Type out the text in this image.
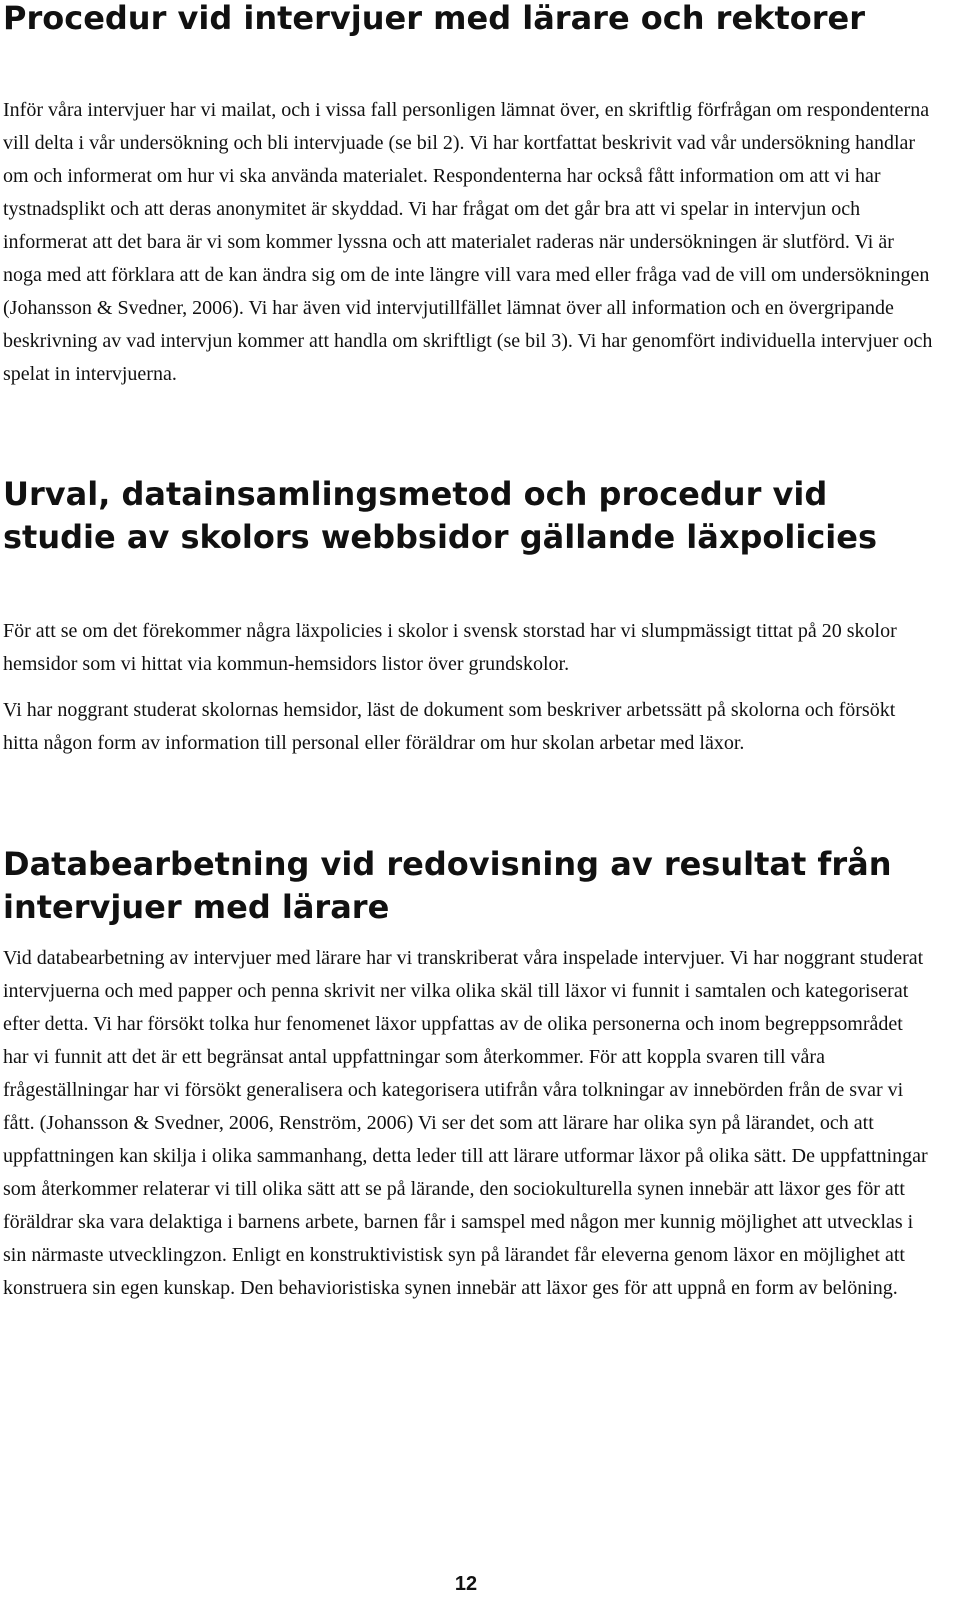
Procedur vid intervjuer med lärare och rektorer

Inför våra intervjuer har vi mailat, och i vissa fall personligen lämnat över, en skriftlig förfrågan om respondenterna vill delta i vår undersökning och bli intervjuade (se bil 2). Vi har kortfattat beskrivit vad vår undersökning handlar om och informerat om hur vi ska använda materialet. Respondenterna har också fått information om att vi har tystnadsplikt och att deras anonymitet är skyddad. Vi har frågat om det går bra att vi spelar in intervjun och informerat att det bara är vi som kommer lyssna och att materialet raderas när undersökningen är slutförd. Vi är noga med att förklara att de kan ändra sig om de inte längre vill vara med eller fråga vad de vill om undersökningen (Johansson & Svedner, 2006). Vi har även vid intervjutillfället lämnat över all information och en övergripande beskrivning av vad intervjun kommer att handla om skriftligt (se bil 3). Vi har genomfört individuella intervjuer och spelat in intervjuerna.

Urval, datainsamlingsmetod och procedur vid studie av skolors webbsidor gällande läxpolicies

För att se om det förekommer några läxpolicies i skolor i svensk storstad har vi slumpmässigt tittat på 20 skolor hemsidor som vi hittat via kommun-hemsidors listor över grundskolor.

Vi har noggrant studerat skolornas hemsidor, läst de dokument som beskriver arbetssätt på skolorna och försökt hitta någon form av information till personal eller föräldrar om hur skolan arbetar med läxor.

Databearbetning vid redovisning av resultat från intervjuer med lärare

Vid databearbetning av intervjuer med lärare har vi transkriberat våra inspelade intervjuer. Vi har noggrant studerat intervjuerna och med papper och penna skrivit ner vilka olika skäl till läxor vi funnit i samtalen och kategoriserat efter detta. Vi har försökt tolka hur fenomenet läxor uppfattas av de olika personerna och inom begreppsområdet har vi funnit att det är ett begränsat antal uppfattningar som återkommer. För att koppla svaren till våra frågeställningar har vi försökt generalisera och kategorisera utifrån våra tolkningar av innebörden från de svar vi fått. (Johansson & Svedner, 2006, Renström, 2006) Vi ser det som att lärare har olika syn på lärandet, och att uppfattningen kan skilja i olika sammanhang, detta leder till att lärare utformar läxor på olika sätt. De uppfattningar som återkommer relaterar vi till olika sätt att se på lärande, den sociokulturella synen innebär att läxor ges för att föräldrar ska vara delaktiga i barnens arbete, barnen får i samspel med någon mer kunnig möjlighet att utvecklas i sin närmaste utvecklingzon. Enligt en konstruktivistisk syn på lärandet får eleverna genom läxor en möjlighet att konstruera sin egen kunskap. Den behavioristiska synen innebär att läxor ges för att uppnå en form av belöning.

12
